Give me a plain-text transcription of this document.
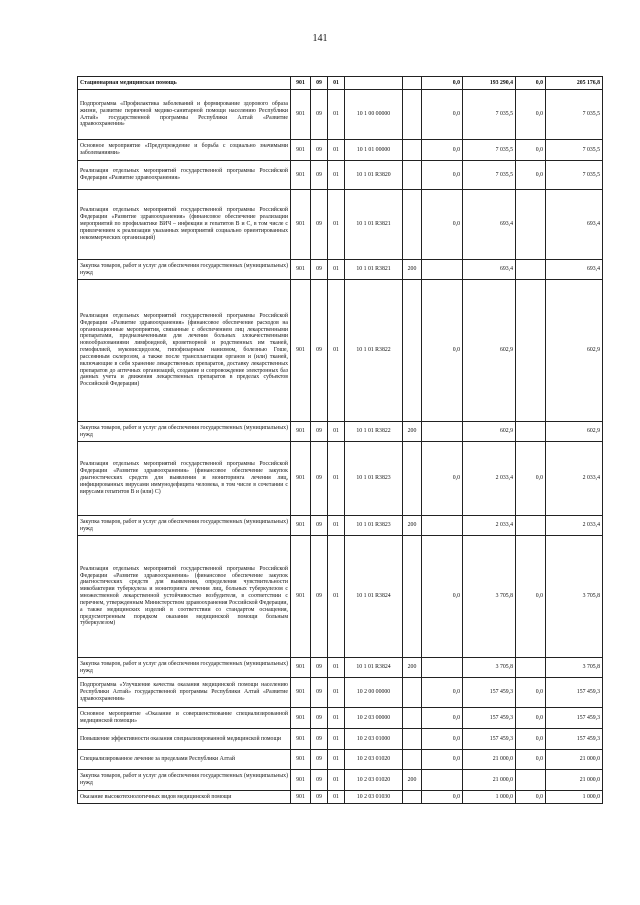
141
Стационарная медицинская помощь	901	09	01			0,0	193 290,4	0,0	205 176,8
Подпрограмма «Профилактика заболеваний и формирование здорового образа жизни, развитие первичной медико-санитарной помощи населению Республики Алтай» государственной программы Республики Алтай «Развитие здравоохранения»	901	09	01	10 1 00 00000		0,0	7 035,5	0,0	7 035,5
Основное мероприятие «Предупреждение и борьба с социально значимыми заболеваниями»	901	09	01	10 1 01 00000		0,0	7 035,5	0,0	7 035,5
Реализация отдельных мероприятий государственной программы Российской Федерации «Развитие здравоохранения»	901	09	01	10 1 01 R3820		0,0	7 035,5	0,0	7 035,5
Реализация отдельных мероприятий государственной программы Российской Федерации «Развитие здравоохранения» (финансовое обеспечение реализации мероприятий по профилактике ВИЧ – инфекции и гепатитов В и С, в том числе с привлечением к реализации указанных мероприятий социально ориентированных некоммерческих организаций)	901	09	01	10 1 01 R3821		0,0	693,4		693,4
Закупка товаров, работ и услуг для обеспечения государственных (муниципальных) нужд	901	09	01	10 1 01 R3821	200		693,4		693,4
Реализация отдельных мероприятий государственной программы Российской Федерации «Развитие здравоохранения» (финансовое обеспечение расходов на организационные мероприятия, связанные с обеспечением лиц лекарственными препаратами, предназначенными для лечения больных злокачественными новообразованиями лимфоидной, кроветворной и родственных им тканей, гемофилией, муковисцидозом, гипофизарным нанизмом, болезнью Гоше, рассеянным склерозом, а также после трансплантации органов и (или) тканей, включающие в себя хранение лекарственных препаратов, доставку лекарственных препаратов до аптечных организаций, создание и сопровождение электронных баз данных учета и движения лекарственных препаратов в пределах субъектов Российской Федерации)	901	09	01	10 1 01 R3822		0,0	602,9		602,9
Закупка товаров, работ и услуг для обеспечения государственных (муниципальных) нужд	901	09	01	10 1 01 R3822	200		602,9		602,9
Реализация отдельных мероприятий государственной программы Российской Федерации «Развитие здравоохранения» (финансовое обеспечение закупок диагностических средств для выявления и мониторинга лечения лиц, инфицированных вирусами иммунодефицита человека, в том числе в сочетании с вирусами гепатитов В и (или) С)	901	09	01	10 1 01 R3823		0,0	2 033,4	0,0	2 033,4
Закупка товаров, работ и услуг для обеспечения государственных (муниципальных) нужд	901	09	01	10 1 01 R3823	200		2 033,4		2 033,4
Реализация отдельных мероприятий государственной программы Российской Федерации «Развитие здравоохранения» (финансовое обеспечение закупок диагностических средств для выявления, определения чувствительности микобактерии туберкулеза и мониторинга лечения лиц, больных туберкулезом с множественной лекарственной устойчивостью возбудителя, в соответствии с перечнем, утвержденным Министерством здравоохранения Российской Федерации, а также медицинских изделий в соответствии со стандартом оснащения, предусмотренным порядком оказания медицинской помощи больным туберкулезом)	901	09	01	10 1 01 R3824		0,0	3 705,8	0,0	3 705,8
Закупка товаров, работ и услуг для обеспечения государственных (муниципальных) нужд	901	09	01	10 1 01 R3824	200		3 705,8		3 705,8
Подпрограмма «Улучшение качества оказания медицинской помощи населению Республики Алтай» государственной программы Республики Алтай «Развитие здравоохранения»	901	09	01	10 2 00 00000		0,0	157 459,3	0,0	157 459,3
Основное мероприятие «Оказание и совершенствование специализированной медицинской помощи»	901	09	01	10 2 03 00000		0,0	157 459,3	0,0	157 459,3
Повышение эффективности оказания специализированной медицинской помощи	901	09	01	10 2 03 01000		0,0	157 459,3	0,0	157 459,3
Специализированное лечение за пределами Республики Алтай	901	09	01	10 2 03 01020		0,0	21 000,0	0,0	21 000,0
Закупка товаров, работ и услуг для обеспечения государственных (муниципальных) нужд	901	09	01	10 2 03 01020	200		21 000,0		21 000,0
Оказание высокотехнологичных видов медицинской помощи	901	09	01	10 2 03 01030		0,0	1 000,0	0,0	1 000,0
